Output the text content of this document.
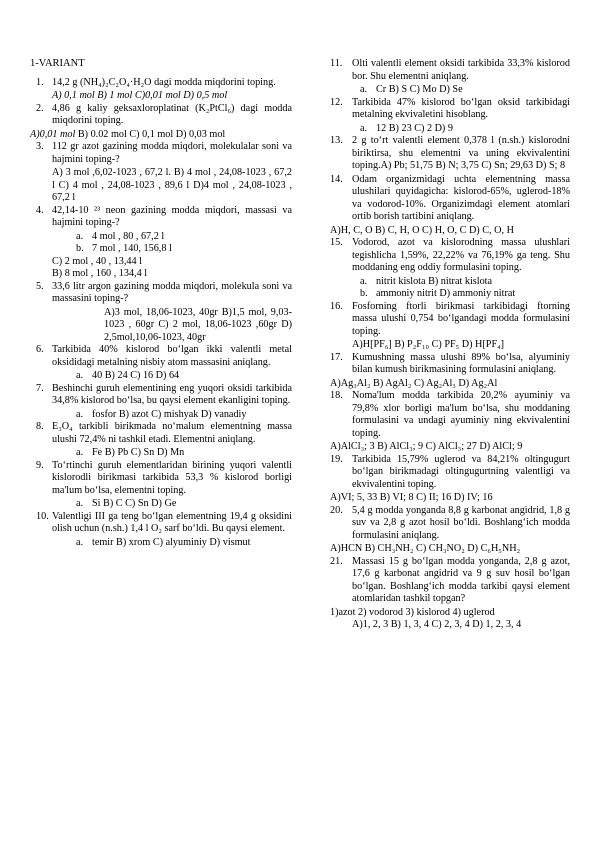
1-VARIANT
1. 14,2 g (NH₄)₂C₂O₄·H₂O dagi modda miqdorini toping.
A) 0,1 mol B) 1 mol C)0,01 mol D) 0,5 mol
2. 4,86 g kaliy geksaxloroplatinat (K₂PtCl₆) dagi modda miqdorini toping.
A)0,01 mol B) 0.02 mol C) 0,1 mol D) 0,03 mol
3. 112 gr azot gazining modda miqdori, molekulalar soni va hajmini toping-?
A) 3 mol ,6,02-1023 , 67,2 l. B) 4 mol , 24,08-1023 , 67,2 l C) 4 mol , 24,08-1023 , 89,6 l D)4 mol , 24,08-1023 , 67,2 l
4. 42,14-10 ²³ neon gazining modda miqdori, massasi va hajmini toping-?
a. 4 mol , 80 , 67,2 l
b. 7 mol , 140, 156,8 l
C) 2 mol , 40 , 13,44 l
B) 8 mol , 160 , 134,4 l
5. 33,6 litr argon gazining modda miqdori, molekula soni va massasini toping-?
A)3 mol, 18,06-1023, 40gr B)1,5 mol, 9,03-1023 , 60gr C) 2 mol, 18,06-1023 ,60gr D) 2,5mol,10,06-1023, 40gr
6. Tarkibida 40% kislorod bo‘lgan ikki valentli metal oksididagi metalning nisbiy atom massasini aniqlang.
a. 40 B) 24 C) 16 D) 64
7. Beshinchi guruh elementining eng yuqori oksidi tarkibida 34,8% kislorod bo‘lsa, bu qaysi element ekanligini toping.
a. fosfor B) azot C) mishyak D) vanadiy
8. E₃O₄ tarkibli birikmada no‘malum elementning massa ulushi 72,4% ni tashkil etadi. Elementni aniqlang.
a. Fe B) Pb C) Sn D) Mn
9. To‘rtinchi guruh elementlaridan birining yuqori valentli kislorodli birikmasi tarkibida 53,3 % kislorod borligi ma'lum bo‘lsa, elementni toping.
a. Si B) C C) Sn D) Ge
10. Valentligi III ga teng bo‘lgan elementning 19,4 g oksidini olish uchun (n.sh.) 1,4 l O₂ sarf bo‘ldi. Bu qaysi element.
a. temir B) xrom C) alyuminiy D) vismut
11. Olti valentli element oksidi tarkibida 33,3% kislorod bor. Shu elementni aniqlang.
a. Cr B) S C) Mo D) Se
12. Tarkibida 47% kislorod bo‘lgan oksid tarkibidagi metalning ekvivaletini hisoblang.
a. 12 B) 23 C) 2 D) 9
13. 2 g to‘rt valentli element 0,378 l (n.sh.) kislorodni biriktirsa, shu elementni va uning ekvivalentini toping.A) Pb; 51,75 B) N; 3,75 C) Sn; 29,63 D) S; 8
14. Odam organizmidagi uchta elementning massa ulushilari quyidagicha: kislorod-65%, uglerod-18% va vodorod-10%. Organizimdagi element atomlari ortib borish tartibini aniqlang.
A)H, C, O B) C, H, O C) H, O, C D) C, O, H
15. Vodorod, azot va kislorodning massa ulushlari tegishlicha 1,59%, 22,22% va 76,19% ga teng. Shu moddaning eng oddiy formulasini toping.
a. nitrit kislota B) nitrat kislota
b. ammoniy nitrit D) ammoniy nitrat
16. Fosforning ftorli birikmasi tarkibidagi ftorning massa ulushi 0,754 bo‘lgandagi modda formulasini toping.
A)H[PF₆] B) P₂F₁₀ C) PF₅ D) H[PF₄]
17. Kumushning massa ulushi 89% bo‘lsa, alyuminiy bilan kumush birikmasining formulasini aniqlang.
A)Ag₃Al₂ B) AgAl₂ C) Ag₂Al₃ D) Ag₂Al
18. Noma'lum modda tarkibida 20,2% ayuminiy va 79,8% xlor borligi ma'lum bo‘lsa, shu moddaning formulasini va undagi ayuminiy ning ekvivalentini toping.
A)AlCl₃; 3 B) AlCl₃; 9 C) AlCl₃; 27 D) AlCl; 9
19. Tarkibida 15,79% uglerod va 84,21% oltingugurt bo‘lgan birikmadagi oltingugurtning valentligi va ekvivalentini toping.
A)VI; 5, 33 B) VI; 8 C) II; 16 D) IV; 16
20. 5,4 g modda yonganda 8,8 g karbonat angidrid, 1,8 g suv va 2,8 g azot hosil bo‘ldi. Boshlang‘ich modda formulasini aniqlang.
A)HCN B) CH₃NH₂ C) CH₃NO₂ D) C₆H₅NH₂
21. Massasi 15 g bo‘lgan modda yonganda, 2,8 g azot, 17,6 g karbonat angidrid va 9 g suv hosil bo‘lgan bo‘lgan. Boshlang‘ich modda tarkibi qaysi element atomlaridan tashkil topgan?
1)azot 2) vodorod 3) kislorod 4) uglerod
A)1, 2, 3 B) 1, 3, 4 C) 2, 3, 4 D) 1, 2, 3, 4
